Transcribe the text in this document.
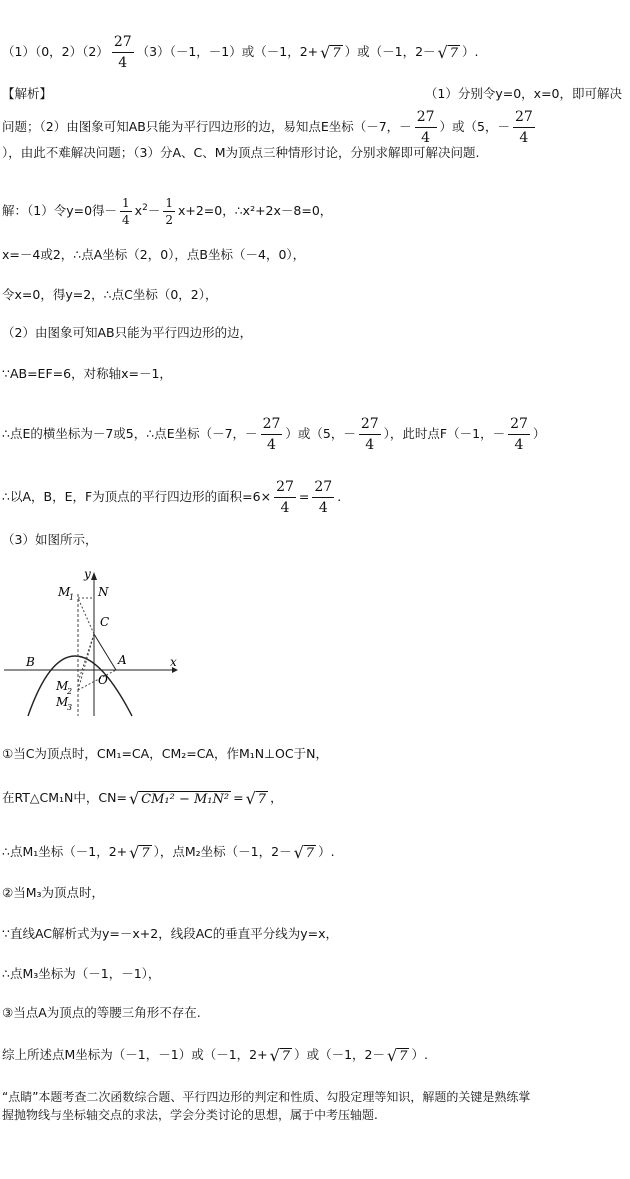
（1）（0，$2)(2) \frac{27}{4} (3)(-1$，－1）或（－1，2+ √ 7 ）或（－1，2－ √ 7 ）.
【解析】	（1）分别令y=0，x=0，即可解决
问题；（2）由图象可知AB只能为平行四边形的边，易知点E坐标（－7，－ $\frac{27}{4}$ ）或（5，－ $\frac{27}{4}$
），由此不难解决问题；（3）分A、C、M为顶点三种情形讨论，分别求解即可解决问题.
解：（1）令y=0得－ $\frac{1}{4} x^2- \frac{1}{2} x+2=0$，∴x²+2x－8=0，
x=－4或2，∴点A坐标（2，0），点B坐标（－4，0），
令x=0，得y=2，∴点C坐标（0，2），
（2）由图象可知AB只能为平行四边形的边，
∵AB=EF=6，对称轴x=－1，
∴点E的横坐标为－7或5，∴点E坐标（－7，－ $\frac{27}{4}$ ）或（5，－ $\frac{27}{4}$ ），此时点F（－1，－ $\frac{27}{4}$ ）
∴以A，B，E，F为顶点的平行四边形的面积$=6\times \frac{27}{4} = \frac{27}{4}$ .
（3）如图所示，
y
x
M
1 N
C
B	A
O
M
2
M
3
①当C为顶点时，CM₁=CA，CM₂=CA，作M₁N⊥OC于N，
在RT△CM₁N中，CN= √ CM₁² − M₁N² = √ 7 ，
∴点M₁坐标（－1，2+ √ 7 ），点M₂坐标（－1，2－ √ 7 ）.
②当M₃为顶点时，
∵直线AC解析式为y=－x+2，线段AC的垂直平分线为y=x，
∴点M₃坐标为（－1，－1），
③当点A为顶点的等腰三角形不存在.
综上所述点M坐标为（－1，－1）或（－1，2+ √ 7 ）或（－1，2－ √ 7 ）.
“点睛”本题考查二次函数综合题、平行四边形的判定和性质、勾股定理等知识，解题的关键是熟练掌
握抛物线与坐标轴交点的求法，学会分类讨论的思想，属于中考压轴题.
